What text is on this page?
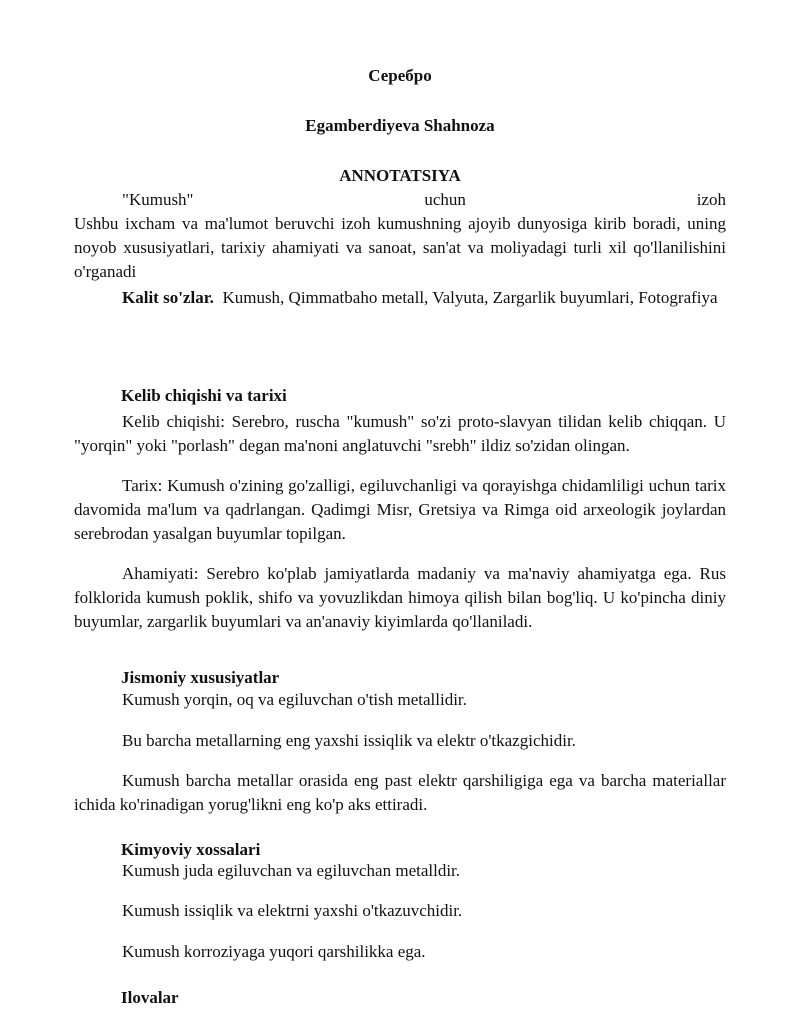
Серебро
Egamberdiyeva Shahnoza
ANNOTATSIYA
"Kumush"	uchun	izoh

Ushbu ixcham va ma'lumot beruvchi izoh kumushning ajoyib dunyosiga kirib boradi, uning noyob xususiyatlari, tarixiy ahamiyati va sanoat, san'at va moliyadagi turli xil qo'llanilishini o'rganadi

Kalit so'zlar. Kumush, Qimmatbaho metall, Valyuta, Zargarlik buyumlari, Fotografiya

Kelib chiqishi va tarixi

Kelib chiqishi: Serebro, ruscha "kumush" so'zi proto-slavyan tilidan kelib chiqqan. U "yorqin" yoki "porlash" degan ma'noni anglatuvchi "srebh" ildiz so'zidan olingan.

Tarix: Kumush o'zining go'zalligi, egiluvchanligi va qorayishga chidamliligi uchun tarix davomida ma'lum va qadrlangan. Qadimgi Misr, Gretsiya va Rimga oid arxeologik joylardan serebrodan yasalgan buyumlar topilgan.

Ahamiyati: Serebro ko'plab jamiyatlarda madaniy va ma'naviy ahamiyatga ega. Rus folklorida kumush poklik, shifo va yovuzlikdan himoya qilish bilan bog'liq. U ko'pincha diniy buyumlar, zargarlik buyumlari va an'anaviy kiyimlarda qo'llaniladi.

Jismoniy xususiyatlar

Kumush yorqin, oq va egiluvchan o'tish metallidir.

Bu barcha metallarning eng yaxshi issiqlik va elektr o'tkazgichidir.

Kumush barcha metallar orasida eng past elektr qarshiligiga ega va barcha materiallar ichida ko'rinadigan yorug'likni eng ko'p aks ettiradi.

Kimyoviy xossalari

Kumush juda egiluvchan va egiluvchan metalldir.

Kumush issiqlik va elektrni yaxshi o'tkazuvchidir.

Kumush korroziyaga yuqori qarshilikka ega.

Ilovalar
